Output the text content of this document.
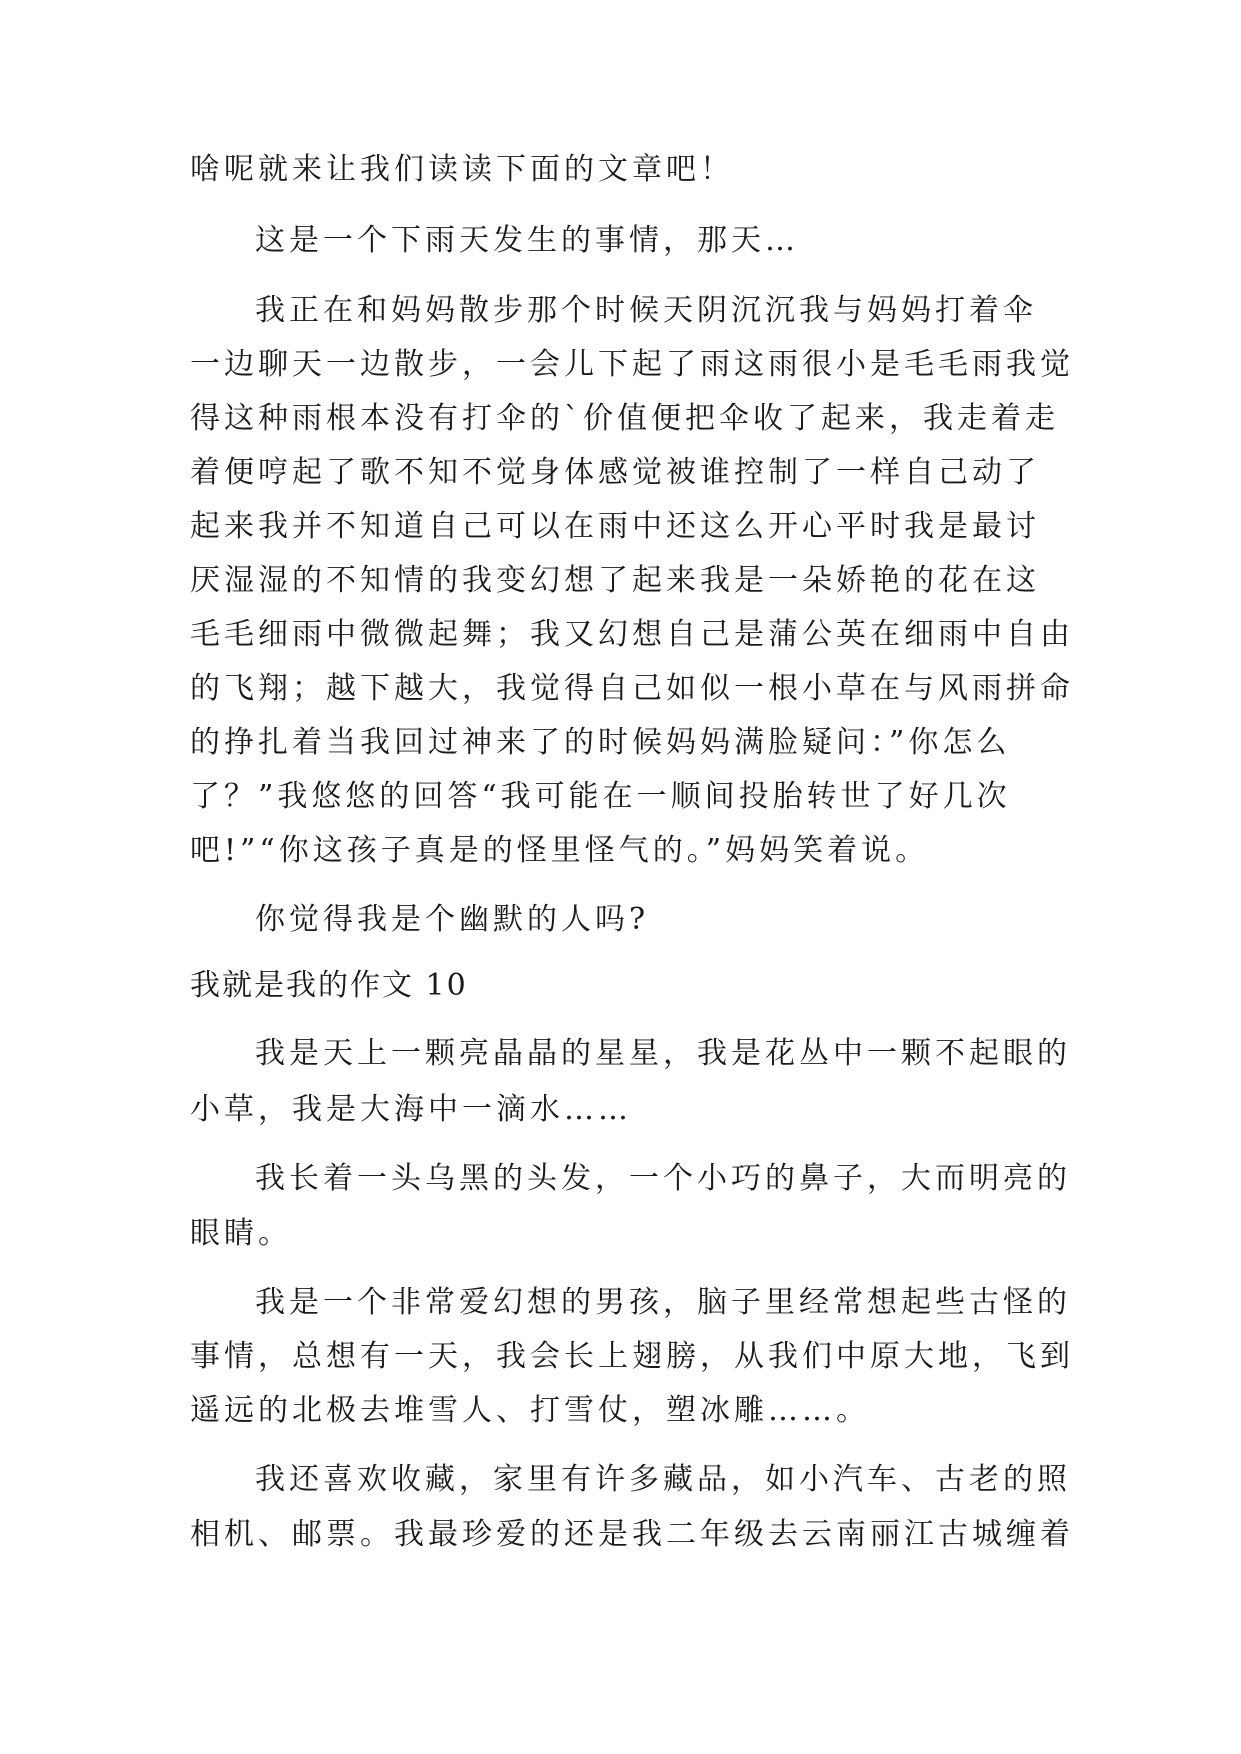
啥呢就来让我们读读下面的文章吧！
这是一个下雨天发生的事情，那天…
我正在和妈妈散步那个时候天阴沉沉我与妈妈打着伞
一边聊天一边散步，一会儿下起了雨这雨很小是毛毛雨我觉
得这种雨根本没有打伞的`价值便把伞收了起来，我走着走
着便哼起了歌不知不觉身体感觉被谁控制了一样自己动了
起来我并不知道自己可以在雨中还这么开心平时我是最讨
厌湿湿的不知情的我变幻想了起来我是一朵娇艳的花在这
毛毛细雨中微微起舞；我又幻想自己是蒲公英在细雨中自由
的飞翔；越下越大，我觉得自己如似一根小草在与风雨拼命
的挣扎着当我回过神来了的时候妈妈满脸疑问：”你怎么
了？”我悠悠的回答“我可能在一顺间投胎转世了好几次
吧!”“你这孩子真是的怪里怪气的。”妈妈笑着说。
你觉得我是个幽默的人吗?
我就是我的作文 10
我是天上一颗亮晶晶的星星，我是花丛中一颗不起眼的
小草，我是大海中一滴水……
我长着一头乌黑的头发，一个小巧的鼻子，大而明亮的
眼睛。
我是一个非常爱幻想的男孩，脑子里经常想起些古怪的
事情，总想有一天，我会长上翅膀，从我们中原大地，飞到
遥远的北极去堆雪人、打雪仗，塑冰雕……。
我还喜欢收藏，家里有许多藏品，如小汽车、古老的照
相机、邮票。我最珍爱的还是我二年级去云南丽江古城缠着
